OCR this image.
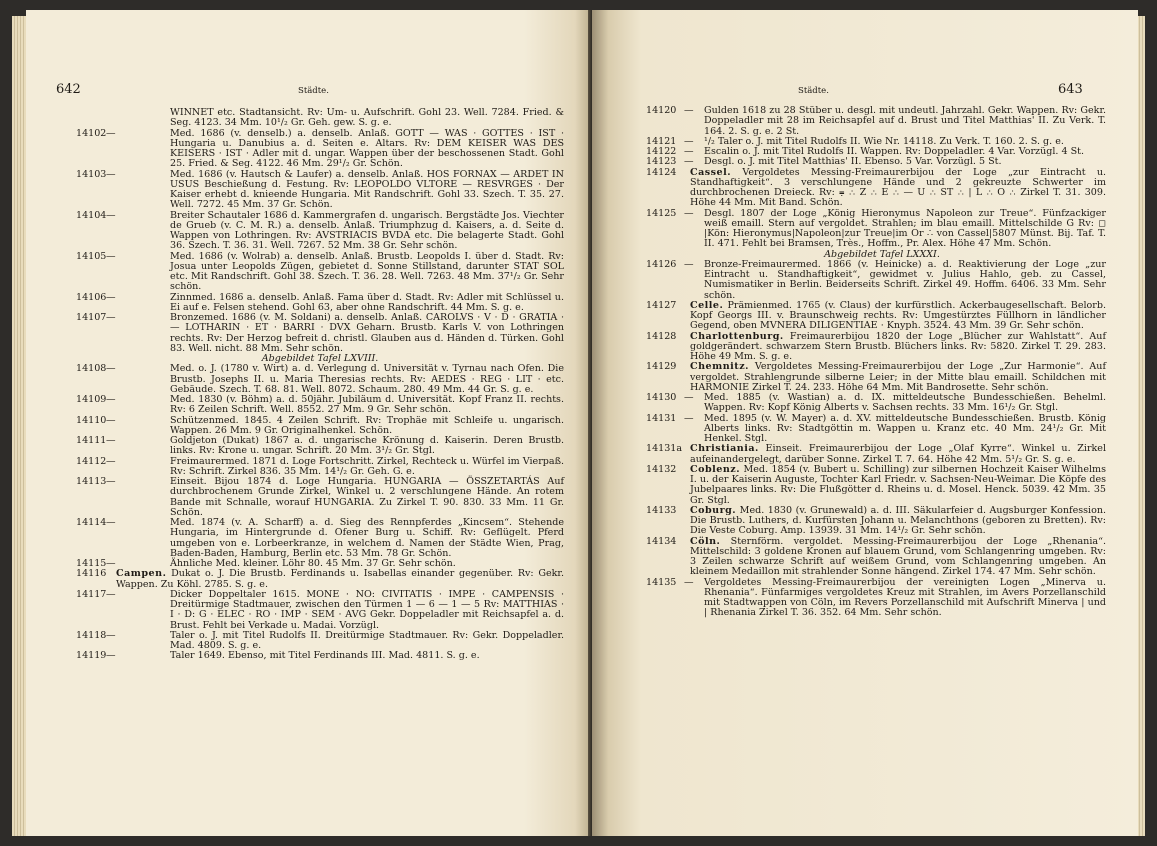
642	Städte.
WINNET etc. Stadtansicht. Rv: Um- u. Aufschrift. Gohl 23. Well. 7284. Fried. & Seg. 4123. 34 Mm. 10¹/₂ Gr. Geh. gew. S. g. e.
14102 —	Med. 1686 (v. denselb.) a. denselb. Anlaß. GOTT — WAS · GOTTES · IST · Hungaria u. Danubius a. d. Seiten e. Altars. Rv: DEM KEISER WAS DES KEISERS · IST · Adler mit d. ungar. Wappen über der beschossenen Stadt. Gohl 25. Fried. & Seg. 4122. 46 Mm. 29¹/₂ Gr. Schön.
14103 —	Med. 1686 (v. Hautsch & Laufer) a. denselb. Anlaß. HOS FORNAX — ARDET IN USUS Beschießung d. Festung. Rv: LEOPOLDO VLTORE — RESVRGES · Der Kaiser erhebt d. knieende Hungaria. Mit Randschrift. Gohl 33. Szech. T. 35. 27. Well. 7272. 45 Mm. 37 Gr. Schön.
14104 —	Breiter Schautaler 1686 d. Kammergrafen d. ungarisch. Bergstädte Jos. Viechter de Grueb (v. C. M. R.) a. denselb. Anlaß. Triumphzug d. Kaisers, a. d. Seite d. Wappen von Lothringen. Rv: AVSTRIACIS BVDA etc. Die belagerte Stadt. Gohl 36. Szech. T. 36. 31. Well. 7267. 52 Mm. 38 Gr. Sehr schön.
14105 —	Med. 1686 (v. Wolrab) a. denselb. Anlaß. Brustb. Leopolds I. über d. Stadt. Rv: Josua unter Leopolds Zügen, gebietet d. Sonne Stillstand, darunter STAT SOL etc. Mit Randschrift. Gohl 38. Szech. T. 36. 28. Well. 7263. 48 Mm. 37¹/₂ Gr. Sehr schön.
14106 —	Zinnmed. 1686 a. denselb. Anlaß. Fama über d. Stadt. Rv: Adler mit Schlüssel u. Ei auf e. Felsen stehend. Gohl 63, aber ohne Randschrift. 44 Mm. S. g. e.
14107 —	Bronzemed. 1686 (v. M. Soldani) a. denselb. Anlaß. CAROLVS · V · D · GRATIA · — LOTHARIN · ET · BARRI · DVX Geharn. Brustb. Karls V. von Lothringen rechts. Rv: Der Herzog befreit d. christl. Glauben aus d. Händen d. Türken. Gohl 83. Well. nicht. 88 Mm. Sehr schön.
Abgebildet Tafel LXVIII.
14108 —	Med. o. J. (1780 v. Wirt) a. d. Verlegung d. Universität v. Tyrnau nach Ofen. Die Brustb. Josephs II. u. Maria Theresias rechts. Rv: AEDES · REG · LIT · etc. Gebäude. Szech. T. 68. 81. Well. 8072. Schaum. 280. 49 Mm. 44 Gr. S. g. e.
14109 —	Med. 1830 (v. Böhm) a. d. 50jähr. Jubiläum d. Universität. Kopf Franz II. rechts. Rv: 6 Zeilen Schrift. Well. 8552. 27 Mm. 9 Gr. Sehr schön.
14110 —	Schützenmed. 1845. 4 Zeilen Schrift. Rv: Trophäe mit Schleife u. ungarisch. Wappen. 26 Mm. 9 Gr. Originalhenkel. Schön.
14111 —	Goldjeton (Dukat) 1867 a. d. ungarische Krönung d. Kaiserin. Deren Brustb. links. Rv: Krone u. ungar. Schrift. 20 Mm. 3¹/₂ Gr. Stgl.
14112 —	Freimaurermed. 1871 d. Loge Fortschritt. Zirkel, Rechteck u. Würfel im Vierpaß. Rv: Schrift. Zirkel 836. 35 Mm. 14¹/₂ Gr. Geh. G. e.
14113 —	Einseit. Bijou 1874 d. Loge Hungaria. HUNGARIA — ÖSSZETARTÁS Auf durchbrochenem Grunde Zirkel, Winkel u. 2 verschlungene Hände. An rotem Bande mit Schnalle, worauf HUNGARIA. Zu Zirkel T. 90. 830. 33 Mm. 11 Gr. Schön.
14114 —	Med. 1874 (v. A. Scharff) a. d. Sieg des Rennpferdes „Kincsem“. Stehende Hungaria, im Hintergrunde d. Ofener Burg u. Schiff. Rv: Geflügelt. Pferd umgeben von e. Lorbeerkranze, in welchem d. Namen der Städte Wien, Prag, Baden-Baden, Hamburg, Berlin etc. 53 Mm. 78 Gr. Schön.
14115 —	Ähnliche Med. kleiner. Löhr 80. 45 Mm. 37 Gr. Sehr schön.
14116 Campen. Dukat o. J. Die Brustb. Ferdinands u. Isabellas einander gegenüber. Rv: Gekr. Wappen. Zu Köhl. 2785. S. g. e.
14117 —	Dicker Doppeltaler 1615. MONE · NO: CIVITATIS · IMPE · CAMPENSIS · Dreitürmige Stadtmauer, zwischen den Türmen 1 — 6 — 1 — 5 Rv: MATTHIAS · I · D: G · ELEC · RO · IMP · SEM · AVG Gekr. Doppeladler mit Reichsapfel a. d. Brust. Fehlt bei Verkade u. Madai. Vorzügl.
14118 —	Taler o. J. mit Titel Rudolfs II. Dreitürmige Stadtmauer. Rv: Gekr. Doppeladler. Mad. 4809. S. g. e.
14119 —	Taler 1649. Ebenso, mit Titel Ferdinands III. Mad. 4811. S. g. e.
Städte.	643
14120 — Gulden 1618 zu 28 Stüber u. desgl. mit undeutl. Jahrzahl. Gekr. Wappen. Rv: Gekr. Doppeladler mit 28 im Reichsapfel auf d. Brust und Titel Matthias' II. Zu Verk. T. 164. 2. S. g. e. 2 St.
14121 — ¹/₂ Taler o. J. mit Titel Rudolfs II. Wie Nr. 14118. Zu Verk. T. 160. 2. S. g. e.
14122 — Escalin o. J. mit Titel Rudolfs II. Wappen. Rv: Doppeladler. 4 Var. Vorzügl. 4 St.
14123 — Desgl. o. J. mit Titel Matthias' II. Ebenso. 5 Var. Vorzügl. 5 St.
14124 Cassel. Vergoldetes Messing-Freimaurerbijou der Loge „zur Eintracht u. Standhaftigkeit“. 3 verschlungene Hände und 2 gekreuzte Schwerter im durchbrochenen Dreieck. Rv: ⩦ ∴ Z ∴ E ∴ — U ∴ ST ∴ | L ∴ O ∴ Zirkel T. 31. 309. Höhe 44 Mm. Mit Band. Schön.
14125 — Desgl. 1807 der Loge „König Hieronymus Napoleon zur Treue“. Fünfzackiger weiß emaill. Stern auf vergoldet. Strahlen; im blau emaill. Mittelschilde G Rv: ◻ |Kön: Hieronymus|Napoleon|zur Treue|im Or ∴ von Cassel|5807 Münst. Bij. Taf. T. II. 471. Fehlt bei Bramsen, Très., Hoffm., Pr. Alex. Höhe 47 Mm. Schön.
Abgebildet Tafel LXXXI.
14126 — Bronze-Freimaurermed. 1866 (v. Heinicke) a. d. Reaktivierung der Loge „zur Eintracht u. Standhaftigkeit“, gewidmet v. Julius Hahlo, geb. zu Cassel, Numismatiker in Berlin. Beiderseits Schrift. Zirkel 49. Hoffm. 6406. 33 Mm. Sehr schön.
14127 Celle. Prämienmed. 1765 (v. Claus) der kurfürstlich. Ackerbaugesellschaft. Belorb. Kopf Georgs III. v. Braunschweig rechts. Rv: Umgestürztes Füllhorn in ländlicher Gegend, oben MVNERA DILIGENTIAE · Knyph. 3524. 43 Mm. 39 Gr. Sehr schön.
14128 Charlottenburg. Freimaurerbijou 1820 der Loge „Blücher zur Wahlstatt“. Auf goldgerändert. schwarzem Stern Brustb. Blüchers links. Rv: 5820. Zirkel T. 29. 283. Höhe 49 Mm. S. g. e.
14129 Chemnitz. Vergoldetes Messing-Freimaurerbijou der Loge „Zur Harmonie“. Auf vergoldet. Strahlengrunde silberne Leier; in der Mitte blau emaill. Schildchen mit HARMONIE Zirkel T. 24. 233. Höhe 64 Mm. Mit Bandrosette. Sehr schön.
14130 — Med. 1885 (v. Wastian) a. d. IX. mitteldeutsche Bundesschießen. Behelml. Wappen. Rv: Kopf König Alberts v. Sachsen rechts. 33 Mm. 16¹/₂ Gr. Stgl.
14131 — Med. 1895 (v. W. Mayer) a. d. XV. mitteldeutsche Bundesschießen. Brustb. König Alberts links. Rv: Stadtgöttin m. Wappen u. Kranz etc. 40 Mm. 24¹/₂ Gr. Mit Henkel. Stgl.
14131a Christiania. Einseit. Freimaurerbijou der Loge „Olaf Kyrre“. Winkel u. Zirkel aufeinandergelegt, darüber Sonne. Zirkel T. 7. 64. Höhe 42 Mm. 5¹/₂ Gr. S. g. e.
14132 Coblenz. Med. 1854 (v. Bubert u. Schilling) zur silbernen Hochzeit Kaiser Wilhelms I. u. der Kaiserin Auguste, Tochter Karl Friedr. v. Sachsen-Neu-Weimar. Die Köpfe des Jubelpaares links. Rv: Die Flußgötter d. Rheins u. d. Mosel. Henck. 5039. 42 Mm. 35 Gr. Stgl.
14133 Coburg. Med. 1830 (v. Grunewald) a. d. III. Säkularfeier d. Augsburger Konfession. Die Brustb. Luthers, d. Kurfürsten Johann u. Melanchthons (geboren zu Bretten). Rv: Die Veste Coburg. Amp. 13939. 31 Mm. 14¹/₂ Gr. Sehr schön.
14134 Cöln. Sternförm. vergoldet. Messing-Freimaurerbijou der Loge „Rhenania“. Mittelschild: 3 goldene Kronen auf blauem Grund, vom Schlangenring umgeben. Rv: 3 Zeilen schwarze Schrift auf weißem Grund, vom Schlangenring umgeben. An kleinem Medaillon mit strahlender Sonne hängend. Zirkel 174. 47 Mm. Sehr schön.
14135 — Vergoldetes Messing-Freimaurerbijou der vereinigten Logen „Minerva u. Rhenania“. Fünfarmiges vergoldetes Kreuz mit Strahlen, im Avers Porzellanschild mit Stadtwappen von Cöln, im Revers Porzellanschild mit Aufschrift Minerva | und | Rhenania Zirkel T. 36. 352. 64 Mm. Sehr schön.
